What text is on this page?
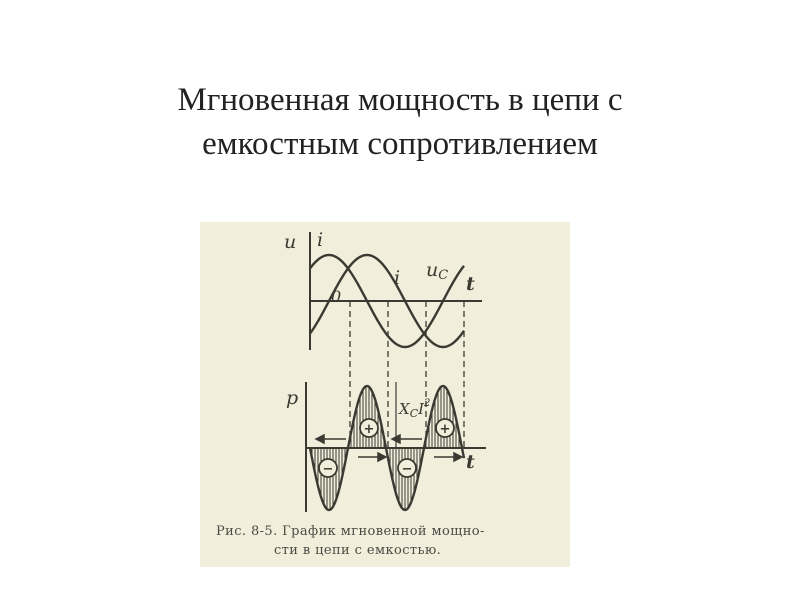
Мгновенная мощность в цепи с
емкостным сопротивлением
+	+
−	−
u i
i uC t
0
p
t
$X_CI^2$
Рис. 8-5. График мгновенной мощно-
сти в цепи с емкостью.
